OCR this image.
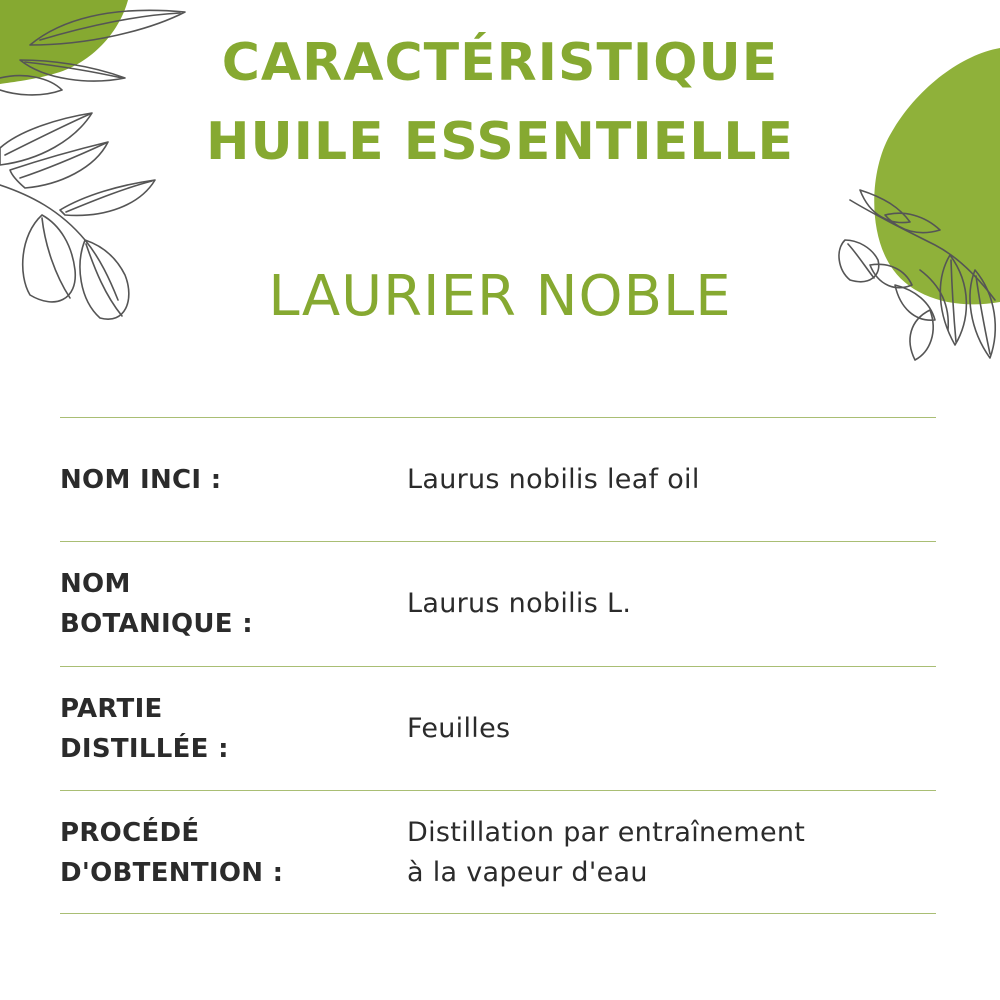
CARACTÉRISTIQUE
HUILE ESSENTIELLE
LAURIER NOBLE
NOM INCI :	Laurus nobilis leaf oil
NOM
BOTANIQUE :
Laurus nobilis L.
PARTIE
DISTILLÉE :
Feuilles
PROCÉDÉ
D'OBTENTION :
Distillation par entraînement
à la vapeur d'eau
